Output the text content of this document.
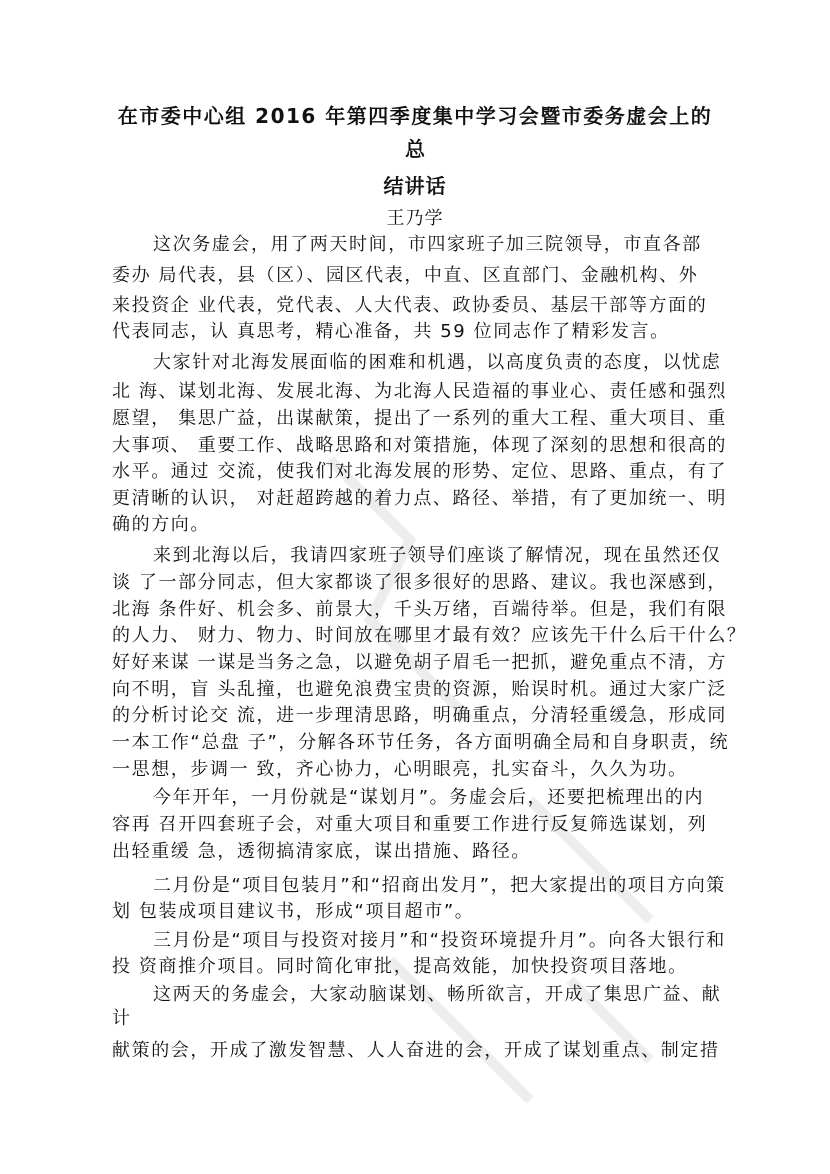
在市委中心组 2016 年第四季度集中学习会暨市委务虚会上的
总
结讲话
王乃学
这次务虚会，用了两天时间，市四家班子加三院领导，市直各部
委办 局代表，县（区）、园区代表，中直、区直部门、金融机构、外
来投资企 业代表，党代表、人大代表、政协委员、基层干部等方面的
代表同志，认 真思考，精心准备，共 59 位同志作了精彩发言。
大家针对北海发展面临的困难和机遇，以高度负责的态度，以忧虑
北 海、谋划北海、发展北海、为北海人民造福的事业心、责任感和强烈
愿望， 集思广益，出谋献策，提出了一系列的重大工程、重大项目、重
大事项、 重要工作、战略思路和对策措施，体现了深刻的思想和很高的
水平。通过 交流，使我们对北海发展的形势、定位、思路、重点，有了
更清晰的认识， 对赶超跨越的着力点、路径、举措，有了更加统一、明
确的方向。
来到北海以后，我请四家班子领导们座谈了解情况，现在虽然还仅
谈 了一部分同志，但大家都谈了很多很好的思路、建议。我也深感到，
北海 条件好、机会多、前景大，千头万绪，百端待举。但是，我们有限
的人力、 财力、物力、时间放在哪里才最有效？应该先干什么后干什么？
好好来谋 一谋是当务之急，以避免胡子眉毛一把抓，避免重点不清，方
向不明，盲 头乱撞，也避免浪费宝贵的资源，贻误时机。通过大家广泛
的分析讨论交 流，进一步理清思路，明确重点，分清轻重缓急，形成同
一本工作“总盘 子”，分解各环节任务，各方面明确全局和自身职责，统
一思想，步调一 致，齐心协力，心明眼亮，扎实奋斗，久久为功。
今年开年，一月份就是“谋划月”。务虚会后，还要把梳理出的内
容再 召开四套班子会，对重大项目和重要工作进行反复筛选谋划，列
出轻重缓 急，透彻搞清家底，谋出措施、路径。
二月份是“项目包装月”和“招商出发月”，把大家提出的项目方向策
划 包装成项目建议书，形成“项目超市”。
三月份是“项目与投资对接月”和“投资环境提升月”。向各大银行和
投 资商推介项目。同时简化审批，提高效能，加快投资项目落地。
这两天的务虚会，大家动脑谋划、畅所欲言，开成了集思广益、献
计
献策的会，开成了激发智慧、人人奋进的会，开成了谋划重点、制定措
